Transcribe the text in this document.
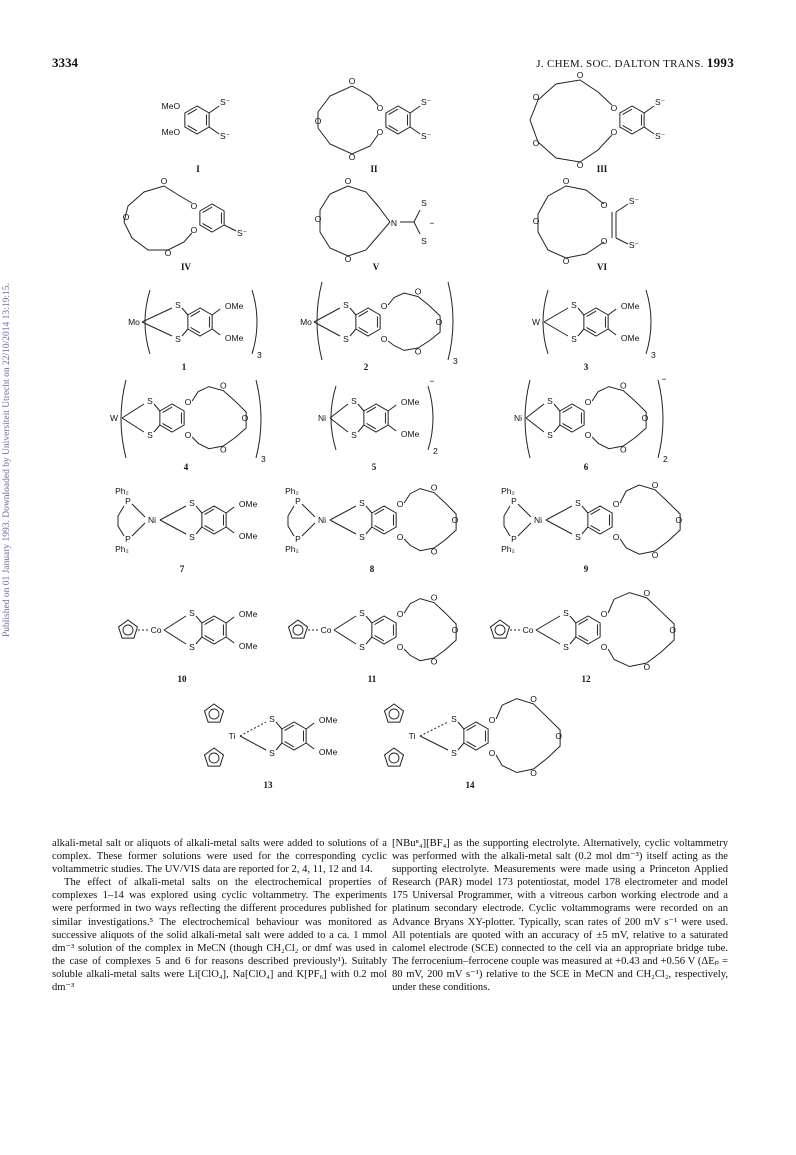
Published on 01 January 1993. Downloaded by Universiteit Utrecht on 22/10/2014 13:19:15.
3334	J. CHEM. SOC. DALTON TRANS. 1993
MeO
MeO
S⁻
S⁻
I
S⁻
S⁻
O
O
O
O
O
II
S⁻
S⁻
O
O
O
O
O
O III
S⁻
O
O
O
O
O
IV
O
O
O
N
S
S
−
V
O
O
O
O
O
S⁻
S⁻
VI
Mo
S
S
OMe
OMe
3
1
Mo
S
S
O
O
O
O
O
3
2
W
S
S
OMe
OMe
3
3
W
S
S
O
O
O
O
O
3
4
Ni
S
S
OMe
OMe
2
−
5
Ni
S
S
O
O
O
O
O
2
−
6
Ni
Ph₂
P
P
Ph₂
S
S
OMe
OMe
7
Ni
Ph₂
P
P
Ph₂
S
S
O
O
O
O
O
8
Ni
Ph₂
P
P
Ph₂
S
S
O
O
O
O
O
9
Co
S
S
OMe
OMe
10
Co
S
S
O
O
O
O
O
11
Co
S
S
O
O
O
O
O
12
Ti
S
S
OMe
OMe
13
Ti
S
S
O
O
O
O
O
14

alkali-metal salt or aliquots of alkali-metal salts were added to solutions of a complex. These former solutions were used for the corresponding cyclic voltammetric studies. The UV/VIS data are reported for 2, 4, 11, 12 and 14.

The effect of alkali-metal salts on the electrochemical properties of complexes 1–14 was explored using cyclic voltammetry. The experiments were performed in two ways reflecting the different procedures published for similar investigations.⁵ The electrochemical behaviour was monitored as successive aliquots of the solid alkali-metal salt were added to a ca. 1 mmol dm⁻³ solution of the complex in MeCN (though CH₂Cl₂ or dmf was used in the case of complexes 5 and 6 for reasons described previously¹). Suitably soluble alkali-metal salts were Li[ClO₄], Na[ClO₄] and K[PF₆] with 0.2 mol dm⁻³

[NBuⁿ₄][BF₄] as the supporting electrolyte. Alternatively, cyclic voltammetry was performed with the alkali-metal salt (0.2 mol dm⁻³) itself acting as the supporting electrolyte. Measurements were made using a Princeton Applied Research (PAR) model 173 potentiostat, model 178 electrometer and model 175 Universal Programmer, with a vitreous carbon working electrode and a platinum secondary electrode. Cyclic voltammograms were recorded on an Advance Bryans XY-plotter. Typically, scan rates of 200 mV s⁻¹ were used. All potentials are quoted with an accuracy of ±5 mV, relative to a saturated calomel electrode (SCE) connected to the cell via an appropriate bridge tube. The ferrocenium–ferrocene couple was measured at +0.43 and +0.56 V (ΔEₚ = 80 mV, 200 mV s⁻¹) relative to the SCE in MeCN and CH₂Cl₂, respectively, under these conditions.
